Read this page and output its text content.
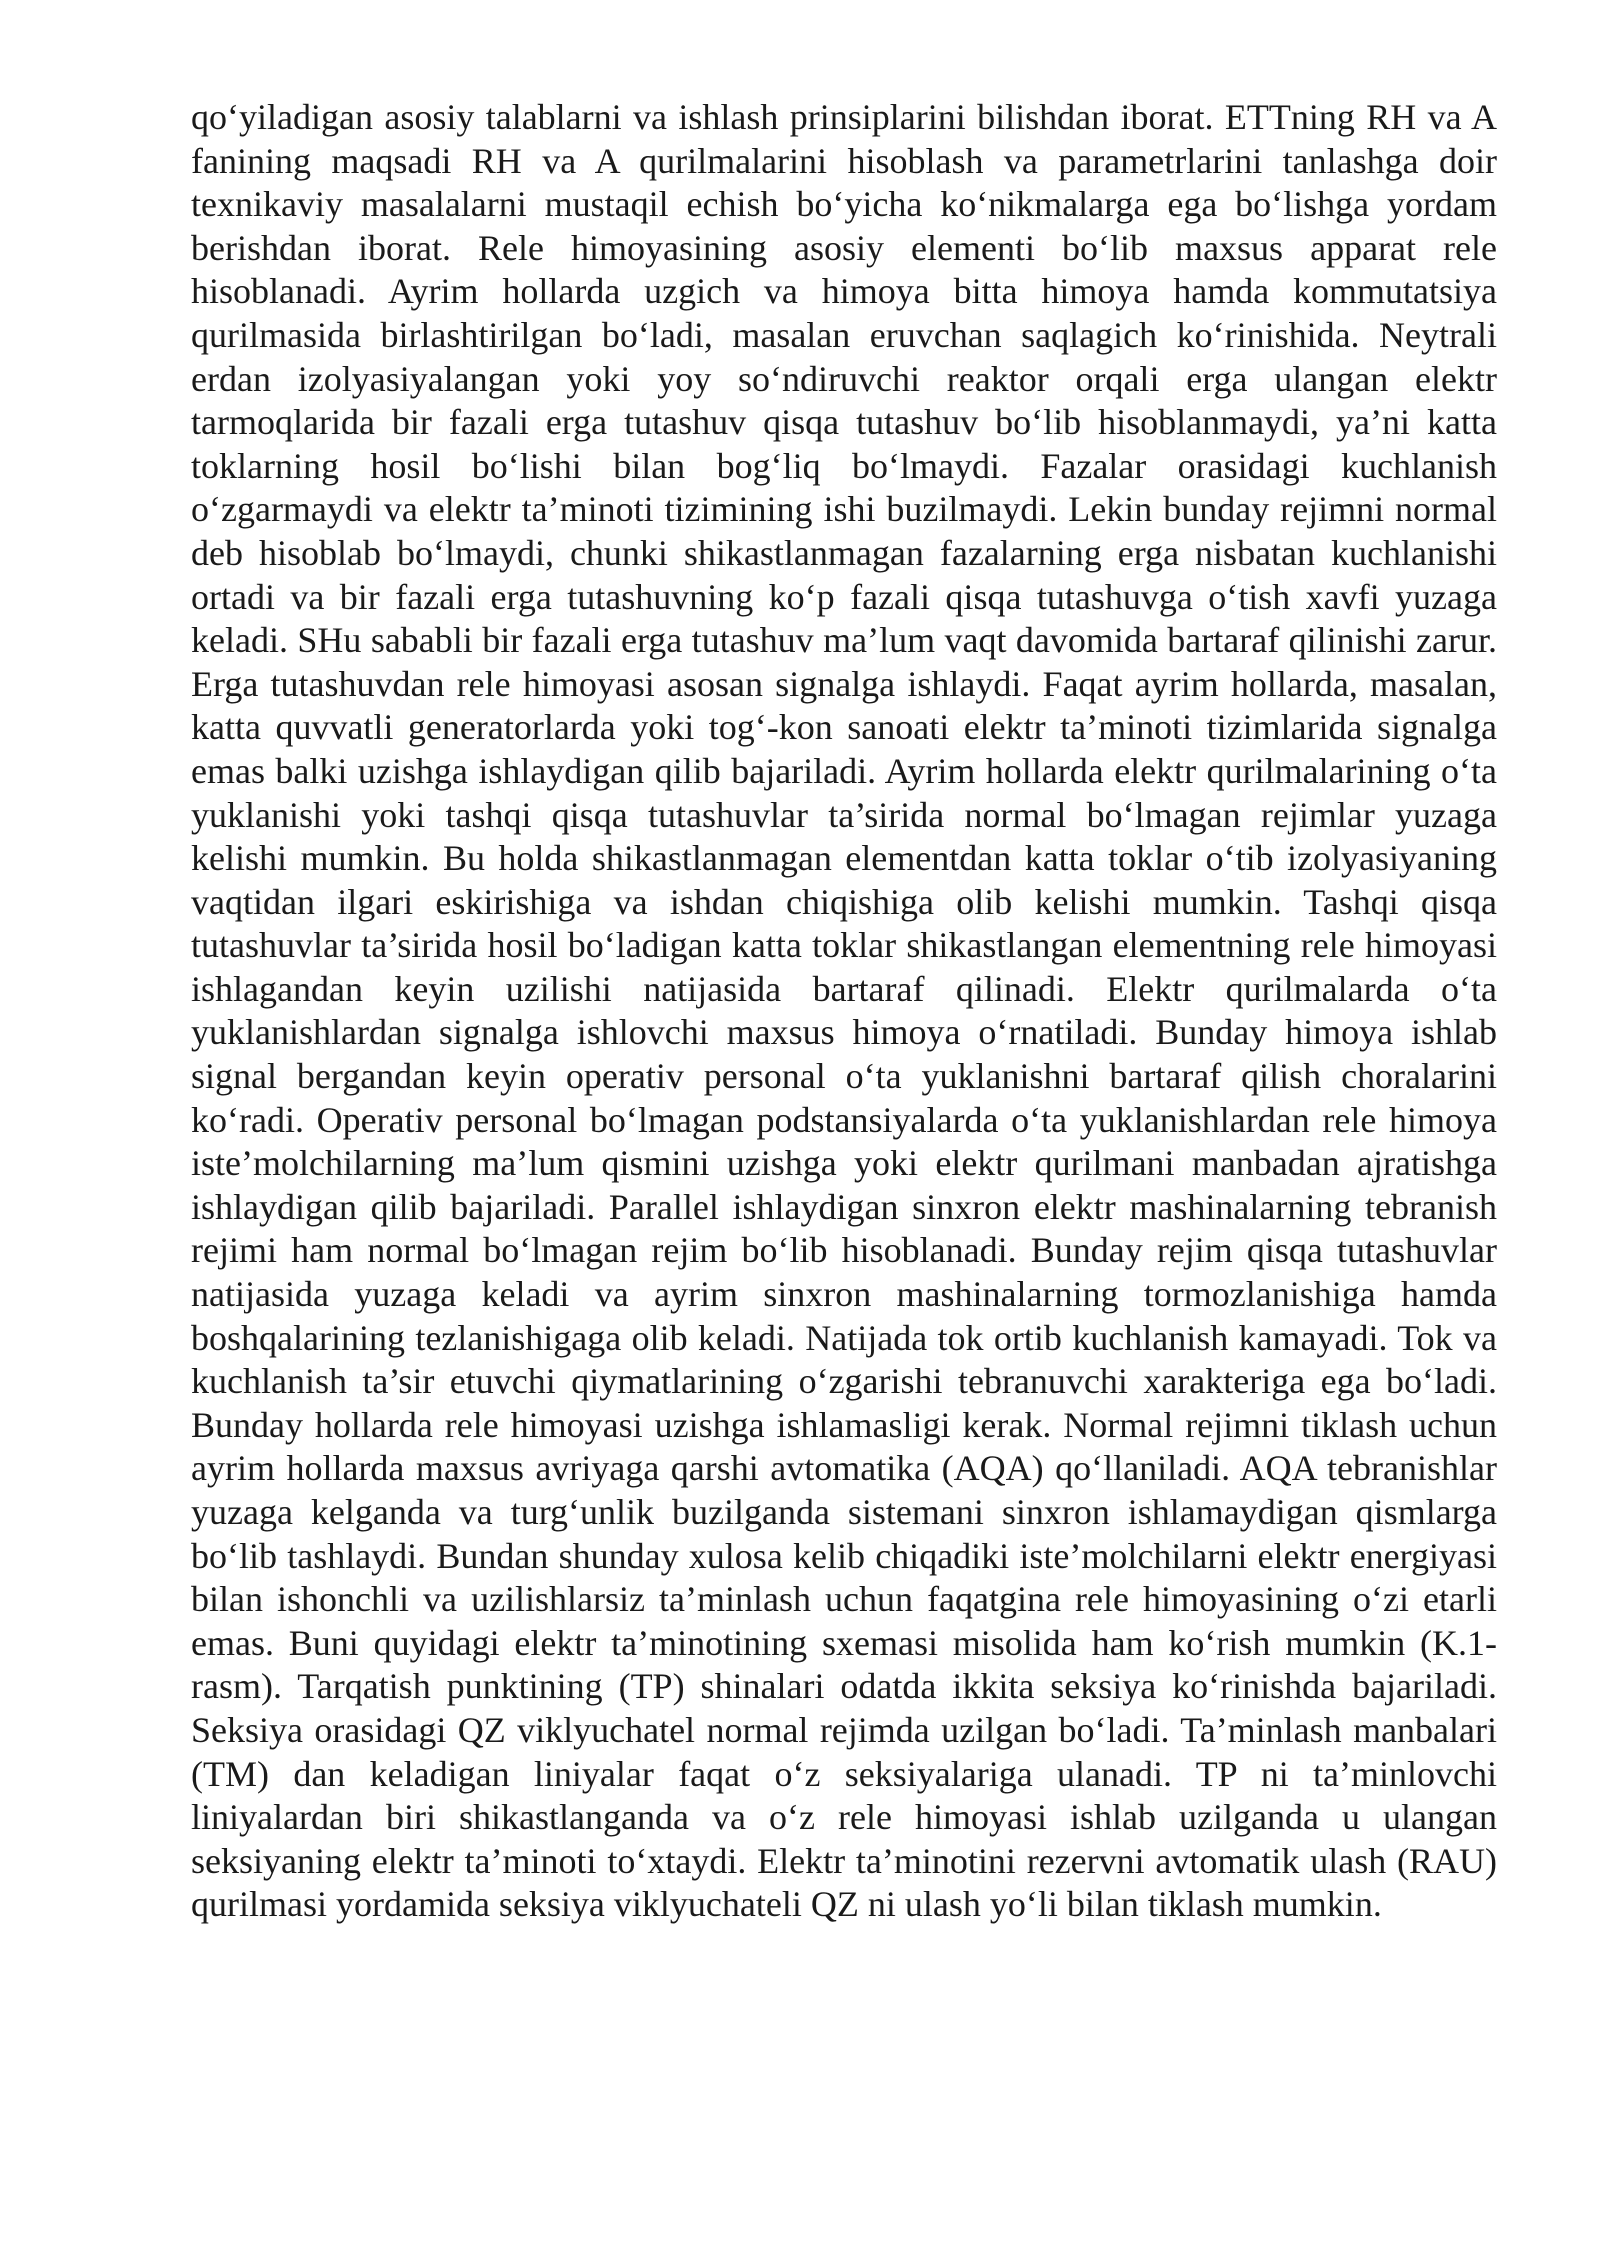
qo‘yiladigan asosiy talablarni va ishlash prinsiplarini bilishdan iborat. ETTning RH va A fanining maqsadi RH va A qurilmalarini hisoblash va parametrlarini tanlashga doir texnikaviy masalalarni mustaqil echish bo‘yicha ko‘nikmalarga ega bo‘lishga yordam berishdan iborat. Rele himoyasining asosiy elementi bo‘lib maxsus apparat rele hisoblanadi. Ayrim hollarda uzgich va himoya bitta himoya hamda kommutatsiya qurilmasida birlashtirilgan bo‘ladi, masalan eruvchan saqlagich ko‘rinishida. Neytrali erdan izolyasiyalangan yoki yoy so‘ndiruvchi reaktor orqali erga ulangan elektr tarmoqlarida bir fazali erga tutashuv qisqa tutashuv bo‘lib hisoblanmaydi, ya’ni katta toklarning hosil bo‘lishi bilan bog‘liq bo‘lmaydi. Fazalar orasidagi kuchlanish o‘zgarmaydi va elektr ta’minoti tizimining ishi buzilmaydi. Lekin bunday rejimni normal deb hisoblab bo‘lmaydi, chunki shikastlanmagan fazalarning erga nisbatan kuchlanishi ortadi va bir fazali erga tutashuvning ko‘p fazali qisqa tutashuvga o‘tish xavfi yuzaga keladi. SHu sababli bir fazali erga tutashuv ma’lum vaqt davomida bartaraf qilinishi zarur. Erga tutashuvdan rele himoyasi asosan signalga ishlaydi. Faqat ayrim hollarda, masalan, katta quvvatli generatorlarda yoki tog‘-kon sanoati elektr ta’minoti tizimlarida signalga emas balki uzishga ishlaydigan qilib bajariladi. Ayrim hollarda elektr qurilmalarining o‘ta yuklanishi yoki tashqi qisqa tutashuvlar ta’sirida normal bo‘lmagan rejimlar yuzaga kelishi mumkin. Bu holda shikastlanmagan elementdan katta toklar o‘tib izolyasiyaning vaqtidan ilgari eskirishiga va ishdan chiqishiga olib kelishi mumkin. Tashqi qisqa tutashuvlar ta’sirida hosil bo‘ladigan katta toklar shikastlangan elementning rele himoyasi ishlagandan keyin uzilishi natijasida bartaraf qilinadi. Elektr qurilmalarda o‘ta yuklanishlardan signalga ishlovchi maxsus himoya o‘rnatiladi. Bunday himoya ishlab signal bergandan keyin operativ personal o‘ta yuklanishni bartaraf qilish choralarini ko‘radi. Operativ personal bo‘lmagan podstansiyalarda o‘ta yuklanishlardan rele himoya iste’molchilarning ma’lum qismini uzishga yoki elektr qurilmani manbadan ajratishga ishlaydigan qilib bajariladi. Parallel ishlaydigan sinxron elektr mashinalarning tebranish rejimi ham normal bo‘lmagan rejim bo‘lib hisoblanadi. Bunday rejim qisqa tutashuvlar natijasida yuzaga keladi va ayrim sinxron mashinalarning tormozlanishiga hamda boshqalarining tezlanishigaga olib keladi. Natijada tok ortib kuchlanish kamayadi. Tok va kuchlanish ta’sir etuvchi qiymatlarining o‘zgarishi tebranuvchi xarakteriga ega bo‘ladi. Bunday hollarda rele himoyasi uzishga ishlamasligi kerak. Normal rejimni tiklash uchun ayrim hollarda maxsus avriyaga qarshi avtomatika (AQA) qo‘llaniladi. AQA tebranishlar yuzaga kelganda va turg‘unlik buzilganda sistemani sinxron ishlamaydigan qismlarga bo‘lib tashlaydi. Bundan shunday xulosa kelib chiqadiki iste’molchilarni elektr energiyasi bilan ishonchli va uzilishlarsiz ta’minlash uchun faqatgina rele himoyasining o‘zi etarli emas. Buni quyidagi elektr ta’minotining sxemasi misolida ham ko‘rish mumkin (K.1-rasm). Tarqatish punktining (TP) shinalari odatda ikkita seksiya ko‘rinishda bajariladi. Seksiya orasidagi QZ viklyuchatel normal rejimda uzilgan bo‘ladi. Ta’minlash manbalari (TM) dan keladigan liniyalar faqat o‘z seksiyalariga ulanadi. TP ni ta’minlovchi liniyalardan biri shikastlanganda va o‘z rele himoyasi ishlab uzilganda u ulangan seksiyaning elektr ta’minoti to‘xtaydi. Elektr ta’minotini rezervni avtomatik ulash (RAU) qurilmasi yordamida seksiya viklyuchateli QZ ni ulash yo‘li bilan tiklash mumkin.
